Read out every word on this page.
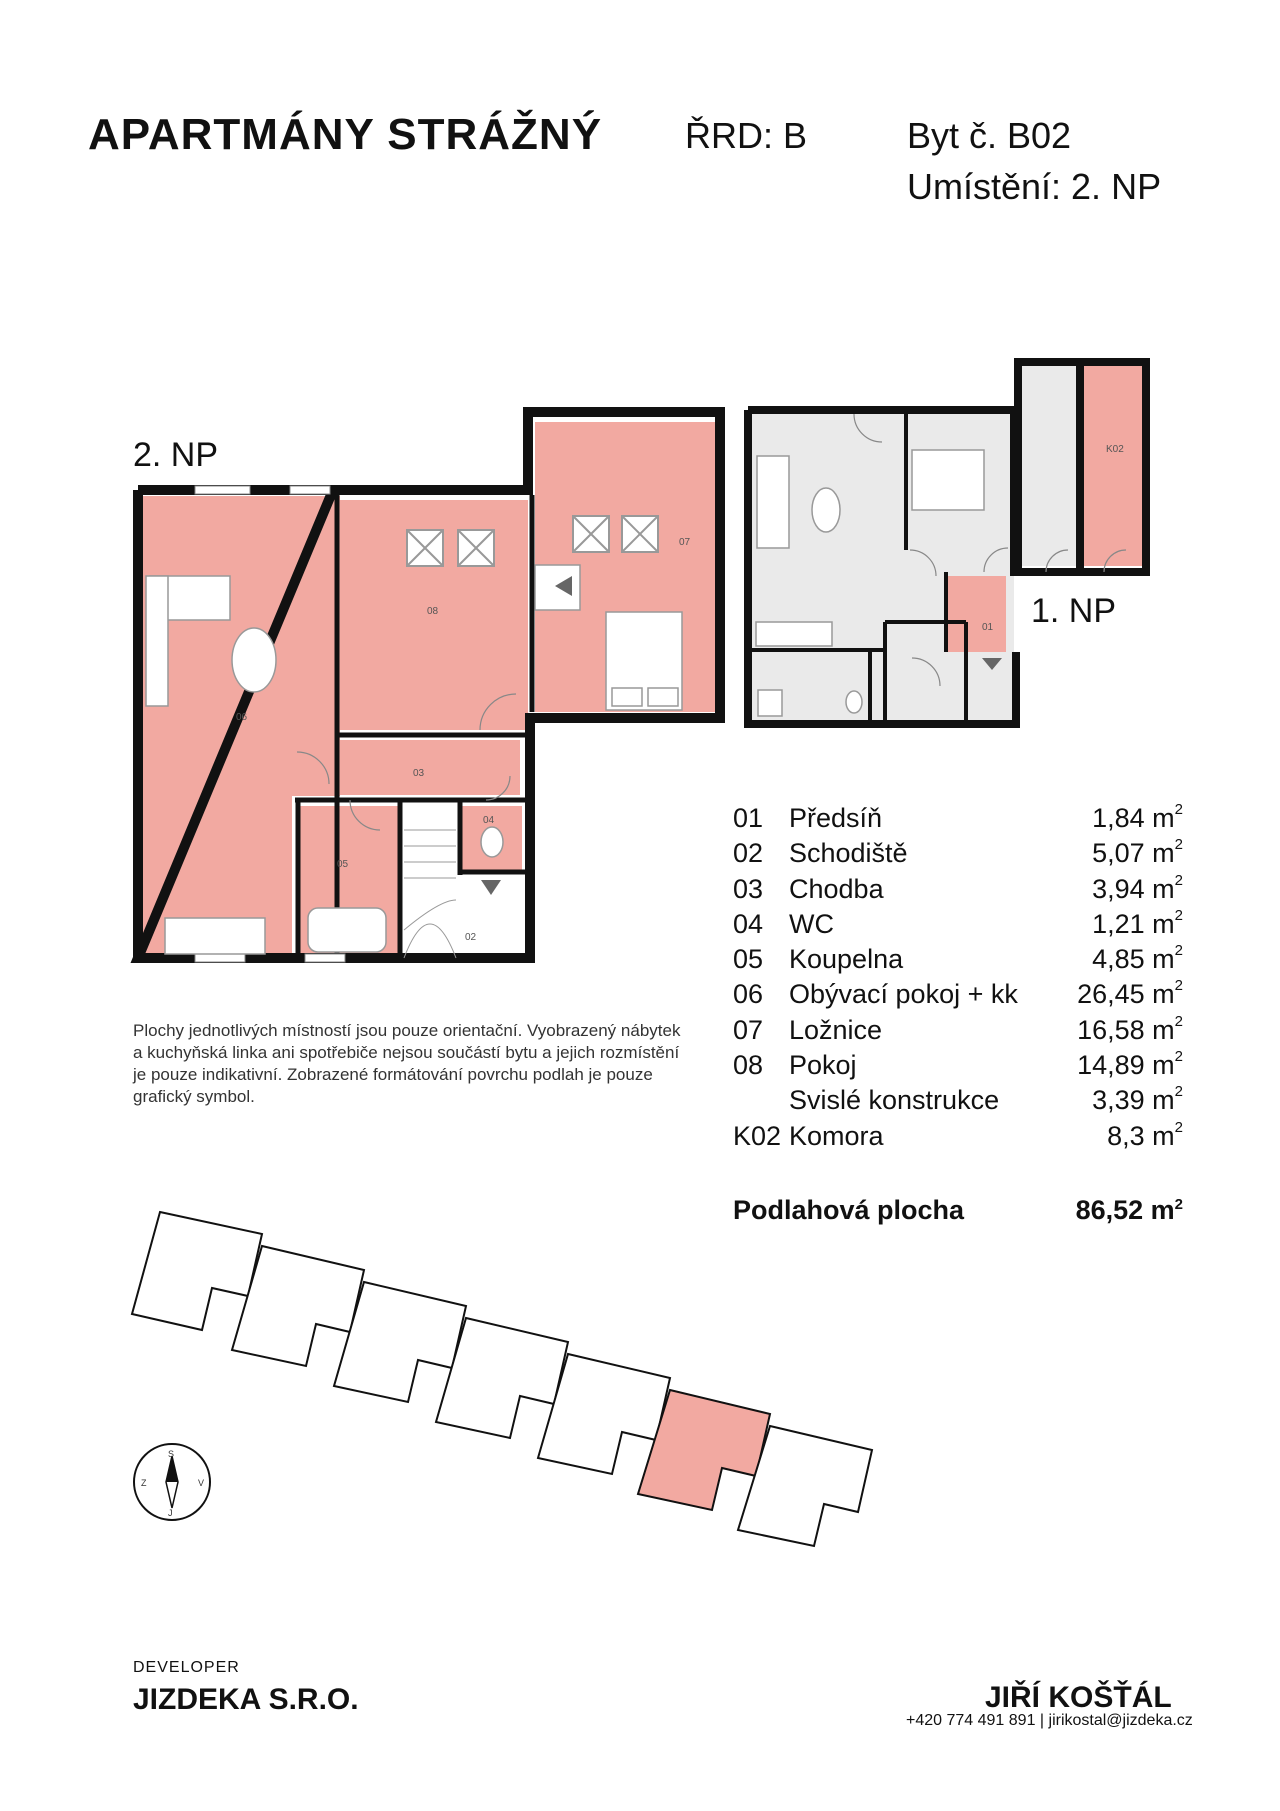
APARTMÁNY STRÁŽNÝ ŘRD: B	Byt č. B02
Umístění: 2. NP
06
08
07
03
04
05
02
K02
01
S
Z	V
J
2. NP
1. NP
Plochy jednotlivých místností jsou pouze orientační. Vyobrazený nábytek a kuchyňská linka ani spotřebiče nejsou součástí bytu a jejich rozmístění je pouze indikativní. Zobrazené formátování povrchu podlah je pouze grafický symbol.
01 Předsíň	1,84 $m^2$
02 Schodiště	5,07 $m^2$
03 Chodba	3,94 $m^2$
04 WC	1,21 $m^2$
05 Koupelna	4,85 $m^2$
06 Obývací pokoj + kk 26,45 $m^2$
07 Ložnice	16,58 $m^2$
08 Pokoj	14,89 $m^2$
Svislé konstrukce	3,39 $m^2$
K02 Komora	8,3 $m^2$
Podlahová plocha	86,52 $m^2$
DEVELOPER
JIZDEKA S.R.O.	JIŘÍ KOŠŤÁL
+420 774 491 891 | jirikostal@jizdeka.cz
